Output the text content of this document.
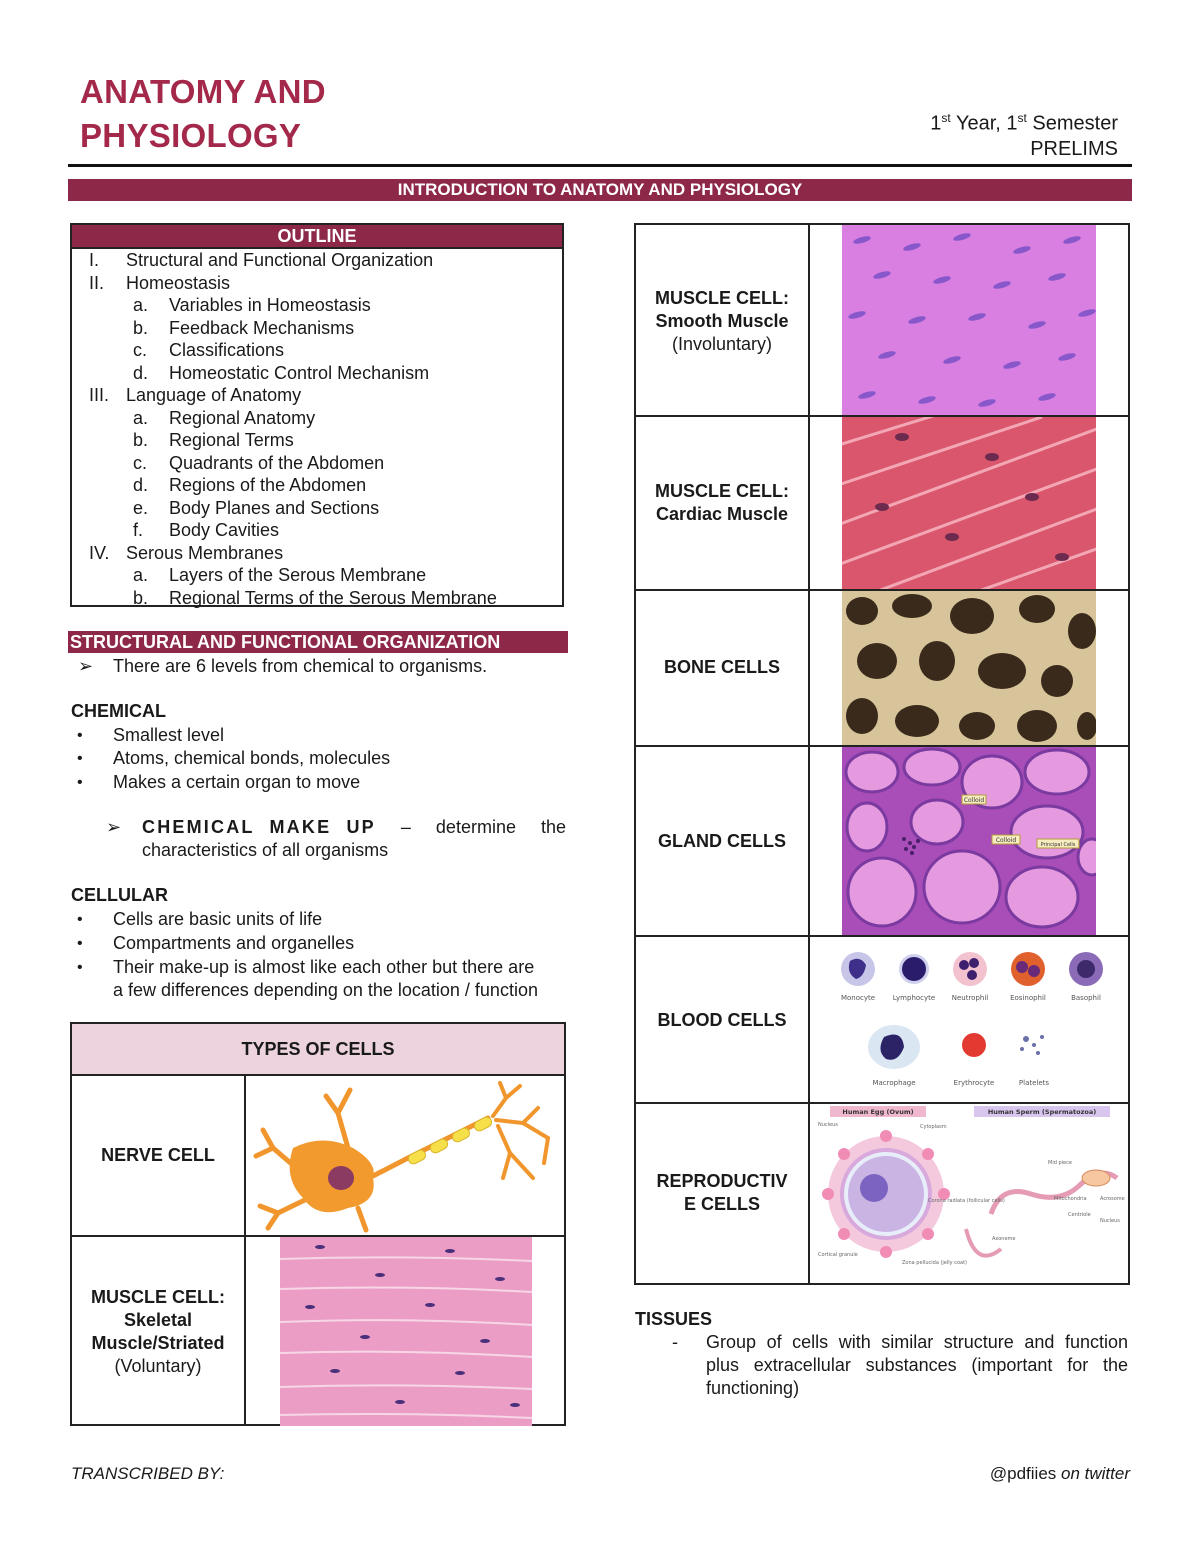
ANATOMY AND
PHYSIOLOGY	1st Year, 1st Semester
PRELIMS
INTRODUCTION TO ANATOMY AND PHYSIOLOGY
OUTLINE
I. Structural and Functional Organization
II. Homeostasis
a. Variables in Homeostasis
b. Feedback Mechanisms
c. Classifications
d. Homeostatic Control Mechanism
III. Language of Anatomy
a. Regional Anatomy
b. Regional Terms
c. Quadrants of the Abdomen
d. Regions of the Abdomen
e. Body Planes and Sections
f. Body Cavities
IV. Serous Membranes
a. Layers of the Serous Membrane
b. Regional Terms of the Serous Membrane
STRUCTURAL AND FUNCTIONAL ORGANIZATION
➢ There are 6 levels from chemical to organisms.
CHEMICAL
• Smallest level
• Atoms, chemical bonds, molecules
• Makes a certain organ to move
➢ CHEMICAL MAKE UP – determine the
characteristics of all organisms
CELLULAR
• Cells are basic units of life
• Compartments and organelles
• Their make-up is almost like each other but there are
a few differences depending on the location / function
TYPES OF CELLS
NERVE CELL
MUSCLE CELL:
Skeletal
Muscle/Striated
(Voluntary)
MUSCLE CELL:
Smooth Muscle
(Involuntary)
MUSCLE CELL:
Cardiac Muscle
BONE CELLS
GLAND CELLS
Colloid
Colloid
Principal Cells
BLOOD CELLS
Monocyte	Lymphocyte Neutrophil	Eosinophil	Basophil
Macrophage	Erythrocyte	Platelets
REPRODUCTIV
E CELLS
Human Egg (Ovum)	Human Sperm (Spermatozoa)
Nucleus	Cytoplasm
Corona radiata (follicular cells)
Cortical granule
Zona pellucida (jelly coat)
Mid piece
Mitochondria
Centriole
Acrosome
Nucleus
Axoneme
TISSUES
- Group of cells with similar structure and function
plus extracellular substances (important for the
functioning)
TRANSCRIBED BY:	@pdfiies on twitter
